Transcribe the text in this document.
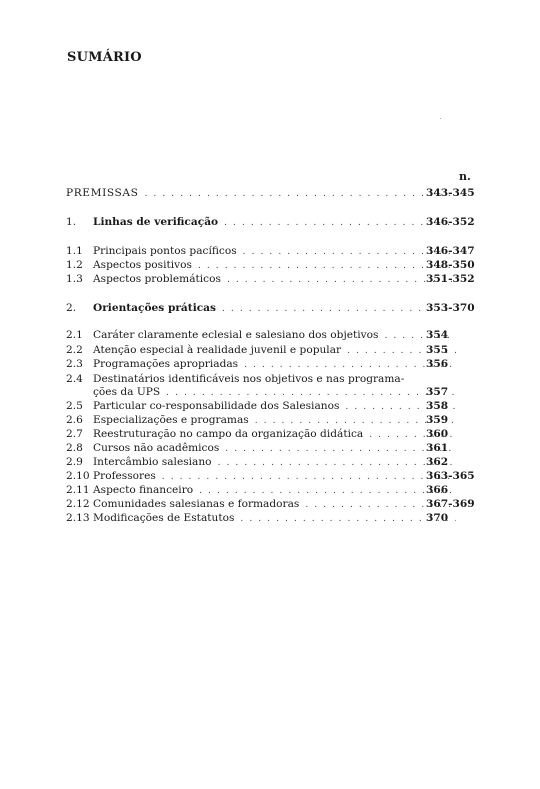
SUMÁRIO
n.
PREMISSAS . . .	343-345
1.	Linhas de verificação . . .	346-352
1.1 Principais pontos pacíficos . . .	346-347
1.2 Aspectos positivos . . .	348-350
1.3 Aspectos problemáticos . . .	351-352
2.	Orientações práticas . . .	353-370
2.1 Caráter claramente eclesial e salesiano dos objetivos . . .	354
2.2 Atenção especial à realidade juvenil e popular . . .	355
2.3 Programações apropriadas . . .	356
2.4 Destinatários identificáveis nos objetivos e nas programa-
ções da UPS . . .	357
2.5 Particular co-responsabilidade dos Salesianos . . .	358
2.6 Especializações e programas . . .	359
2.7 Reestruturação no campo da organização didática . . .	360
2.8 Cursos não acadêmicos . . .	361
2.9 Intercâmbio salesiano . . .	362
2.10 Professores . . .	363-365
2.11 Aspecto financeiro . . .	366
2.12 Comunidades salesianas e formadoras . . .	367-369
2.13 Modificações de Estatutos . . .	370
